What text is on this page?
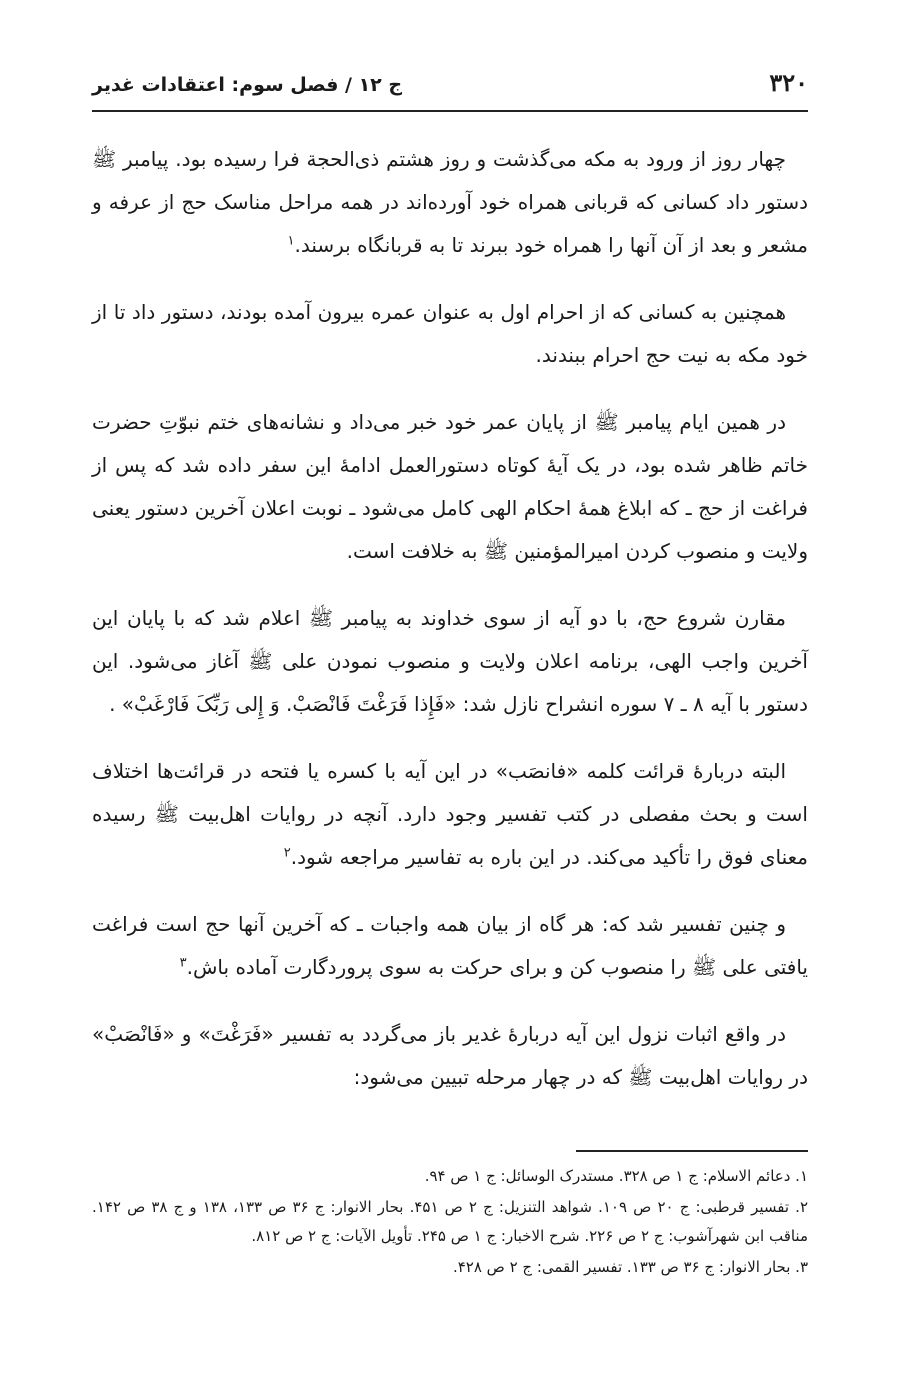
۳۲۰
ج ۱۲ / فصل سوم: اعتقادات غدیر

چهار روز از ورود به مکه می‌گذشت و روز هشتم ذی‌الحجة فرا رسیده بود. پیامبر ﷺ دستور داد کسانی که قربانی همراه خود آورده‌اند در همه مراحل مناسک حج از عرفه و مشعر و بعد از آن آنها را همراه خود ببرند تا به قربانگاه برسند.$^۱$

همچنین به کسانی که از احرام اول به عنوان عمره بیرون آمده بودند، دستور داد تا از خود مکه به نیت حج احرام ببندند.

در همین ایام پیامبر ﷺ از پایان عمر خود خبر می‌داد و نشانه‌های ختم نبوّتِ حضرت خاتم ظاهر شده بود، در یک آیهٔ کوتاه دستورالعمل ادامهٔ این سفر داده شد که پس از فراغت از حج ـ که ابلاغ همهٔ احکام الهی کامل می‌شود ـ نوبت اعلان آخرین دستور یعنی ولایت و منصوب کردن امیرالمؤمنین ﷺ به خلافت است.

مقارن شروع حج، با دو آیه از سوی خداوند به پیامبر ﷺ اعلام شد که با پایان این آخرین واجب الهی، برنامه اعلان ولایت و منصوب نمودن علی ﷺ آغاز می‌شود. این دستور با آیه ۸ ـ ۷ سوره انشراح نازل شد: «فَإِذا فَرَغْتَ فَانْصَبْ. وَ إِلى رَبِّکَ فَارْغَبْ» .

البته دربارهٔ قرائت کلمه «فانصَب» در این آیه با کسره یا فتحه در قرائت‌ها اختلاف است و بحث مفصلی در کتب تفسیر وجود دارد. آنچه در روایات اهل‌بیت ﷺ رسیده معنای فوق را تأکید می‌کند. در این باره به تفاسیر مراجعه شود.$^۲$

و چنین تفسیر شد که: هر گاه از بیان همه واجبات ـ که آخرین آنها حج است فراغت یافتی علی ﷺ را منصوب کن و برای حرکت به سوی پروردگارت آماده باش.$^۳$

در واقع اثبات نزول این آیه دربارهٔ غدیر باز می‌گردد به تفسیر «فَرَغْتَ» و «فَانْصَبْ» در روایات اهل‌بیت ﷺ که در چهار مرحله تبیین می‌شود:

۱. دعائم الاسلام: ج ۱ ص ۳۲۸. مستدرک الوسائل: ج ۱ ص ۹۴.

۲. تفسیر قرطبی: ج ۲۰ ص ۱۰۹. شواهد التنزیل: ج ۲ ص ۴۵۱. بحار الانوار: ج ۳۶ ص ۱۳۳، ۱۳۸ و ج ۳۸ ص ۱۴۲. مناقب ابن شهرآشوب: ج ۲ ص ۲۲۶. شرح الاخبار: ج ۱ ص ۲۴۵. تأویل الآیات: ج ۲ ص ۸۱۲.

۳. بحار الانوار: ج ۳۶ ص ۱۳۳. تفسیر القمی: ج ۲ ص ۴۲۸.
